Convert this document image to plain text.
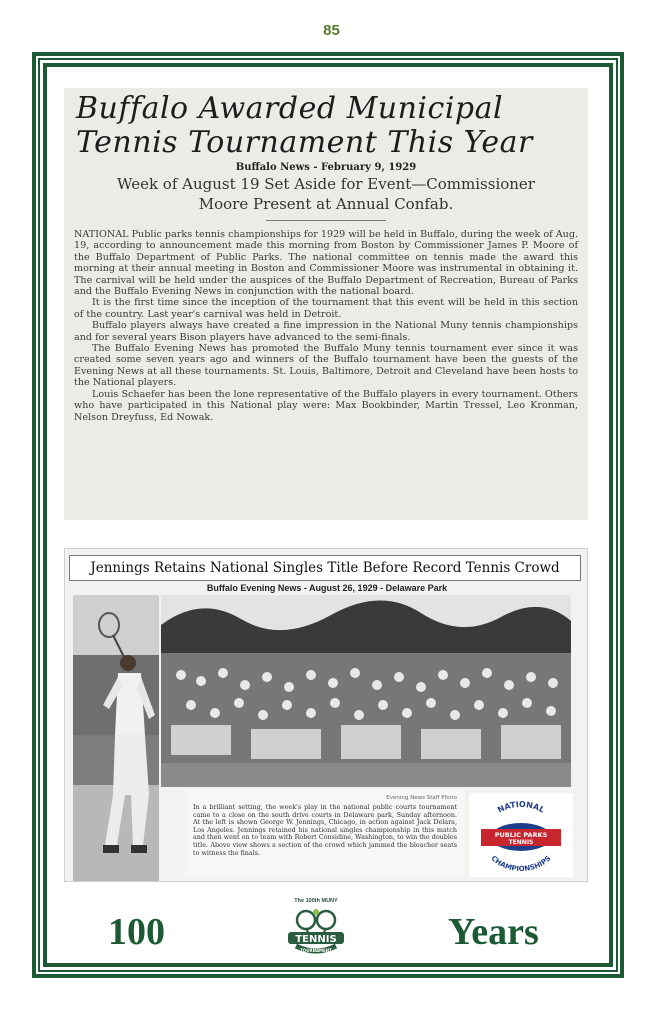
85
Buffalo Awarded Municipal
Tennis Tournament This Year
Buffalo News - February 9, 1929
Week of August 19 Set Aside for Event—Commissioner
Moore Present at Annual Confab.

NATIONAL Public parks tennis championships for 1929 will be held in Buffalo, during the week of Aug. 19, according to announcement made this morning from Boston by Commissioner James P. Moore of the Buffalo Department of Public Parks. The national committee on tennis made the award this morning at their annual meeting in Boston and Commissioner Moore was instrumental in obtaining it. The carnival will be held under the auspices of the Buffalo Department of Recreation, Bureau of Parks and the Buffalo Evening News in conjunction with the national board.

It is the first time since the inception of the tournament that this event will be held in this section of the country. Last year's carnival was held in Detroit.

Buffalo players always have created a fine impression in the National Muny tennis championships and for several years Bison players have advanced to the semi-finals.

The Buffalo Evening News has promoted the Buffalo Muny tennis tournament ever since it was created some seven years ago and winners of the Buffalo tournament have been the guests of the Evening News at all these tournaments. St. Louis, Baltimore, Detroit and Cleveland have been hosts to the National players.

Louis Schaefer has been the lone representative of the Buffalo players in every tournament. Others who have participated in this National play were: Max Bookbinder, Martin Tressel, Leo Kronman, Nelson Dreyfuss, Ed Nowak.

Jennings Retains National Singles Title Before Record Tennis Crowd
Buffalo Evening News - August 26, 1929 - Delaware Park
Evening News Staff Photo
In a brilliant setting, the week's play in the national public courts tournament came to a close on the south drive courts in Delaware park, Sunday afternoon. At the left is shown George W. Jennings, Chicago, in action against Jack Delara, Los Angeles. Jennings retained his national singles championship in this match and then went on to team with Robert Considine, Washington, to win the doubles title. Above view shows a section of the crowd which jammed the bleacher seats to witness the finals.
NATIONAL
PUBLIC PARKS
TENNIS
CHAMPIONSHIPS
100
The 100th MUNY
TENNIS
TOURNAMENT	Years
